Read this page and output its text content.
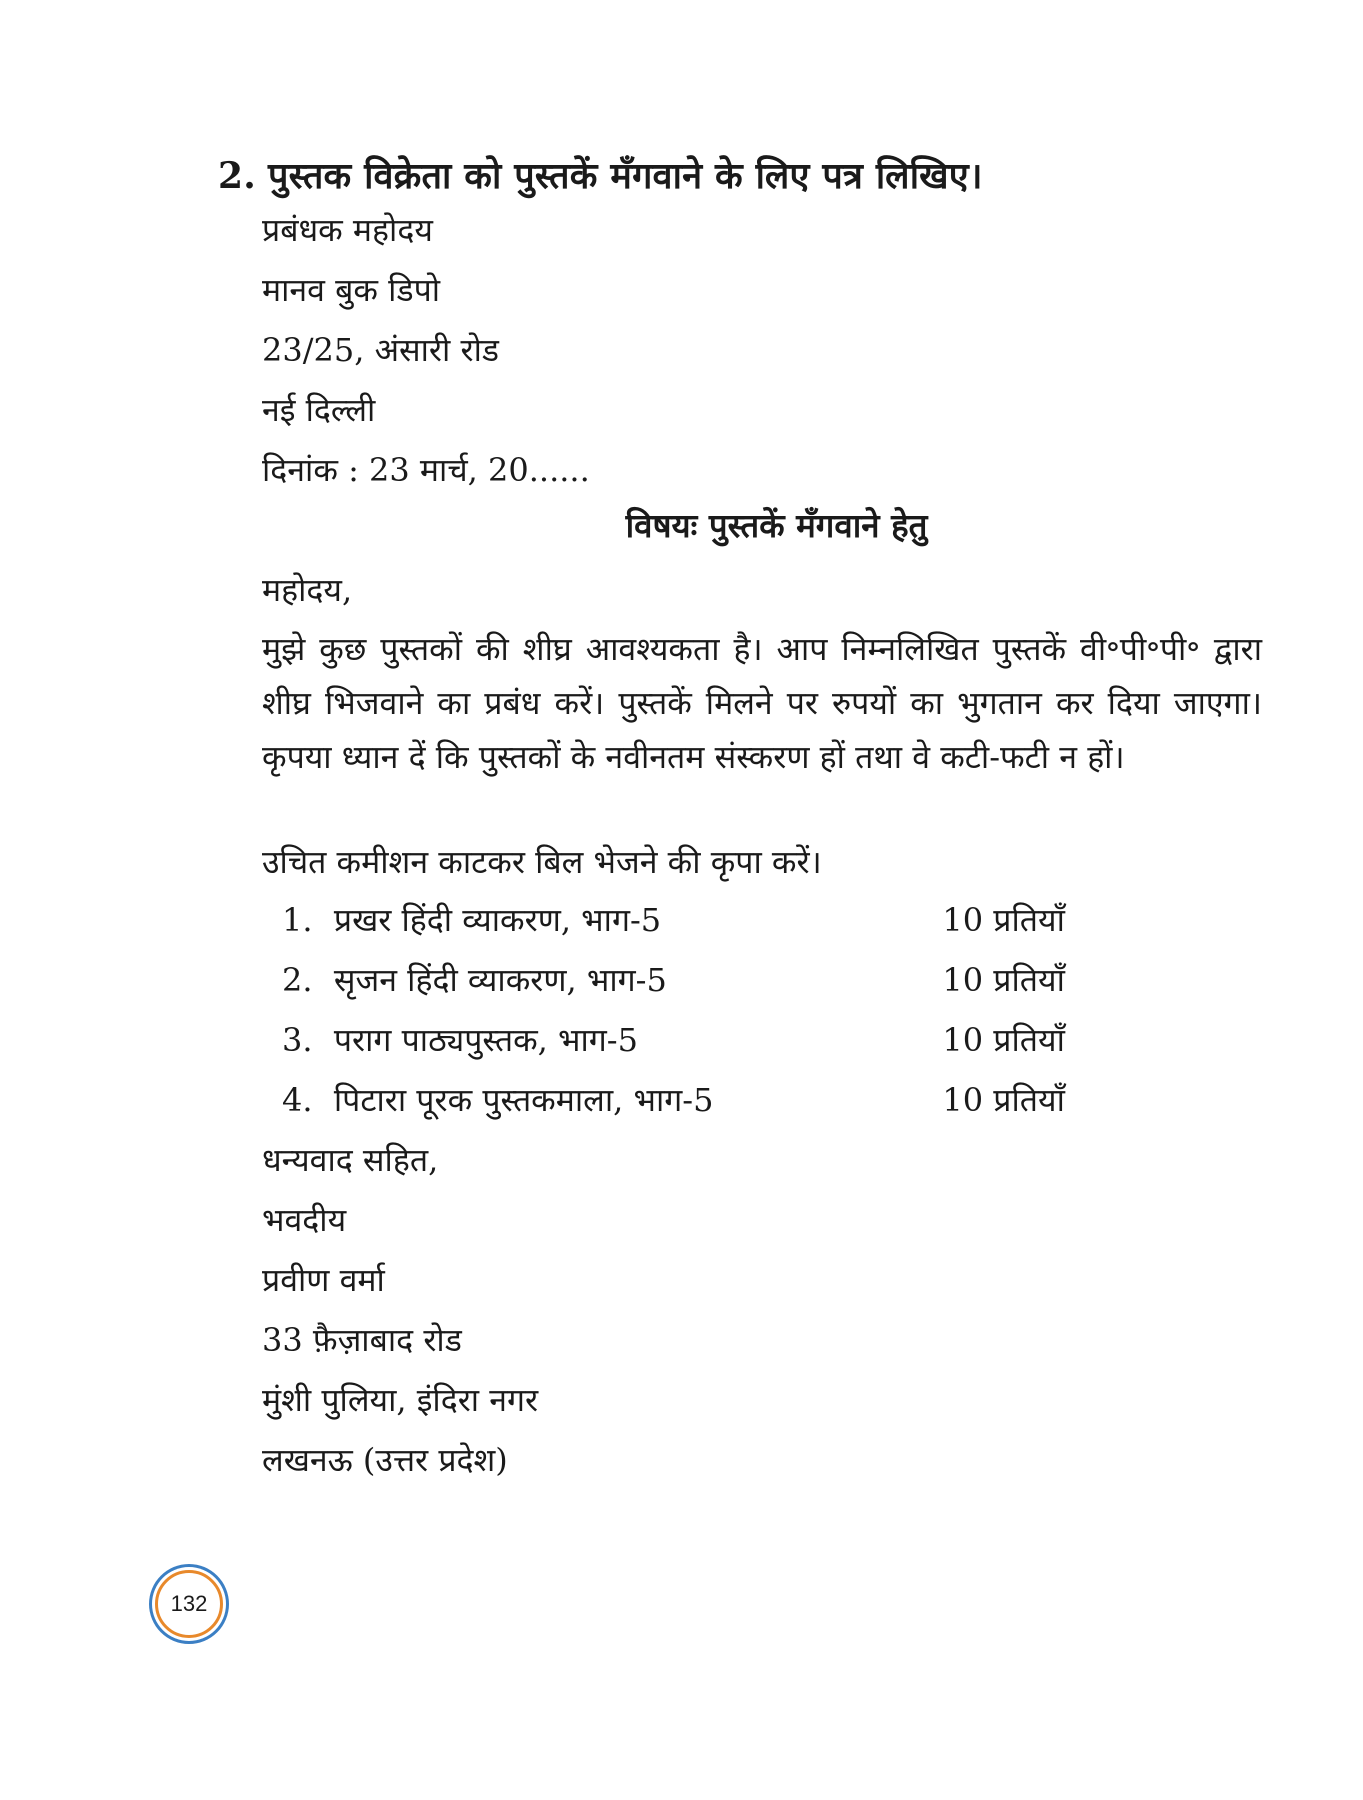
2. पुस्तक विक्रेता को पुस्तकें मँगवाने के लिए पत्र लिखिए।
प्रबंधक महोदय
मानव बुक डिपो
23/25, अंसारी रोड
नई दिल्ली
दिनांक : 23 मार्च, 20......
विषयः पुस्तकें मँगवाने हेतु
महोदय,
मुझे कुछ पुस्तकों की शीघ्र आवश्यकता है। आप निम्नलिखित पुस्तकें वी॰पी॰पी॰ द्वारा शीघ्र भिजवाने का प्रबंध करें। पुस्तकें मिलने पर रुपयों का भुगतान कर दिया जाएगा। कृपया ध्यान दें कि पुस्तकों के नवीनतम संस्करण हों तथा वे कटी-फटी न हों।
उचित कमीशन काटकर बिल भेजने की कृपा करें।
1. प्रखर हिंदी व्याकरण, भाग-5	10 प्रतियाँ
2. सृजन हिंदी व्याकरण, भाग-5	10 प्रतियाँ
3. पराग पाठ्यपुस्तक, भाग-5	10 प्रतियाँ
4. पिटारा पूरक पुस्तकमाला, भाग-5	10 प्रतियाँ
धन्यवाद सहित,
भवदीय
प्रवीण वर्मा
33 फ़ैज़ाबाद रोड
मुंशी पुलिया, इंदिरा नगर
लखनऊ (उत्तर प्रदेश)
132
